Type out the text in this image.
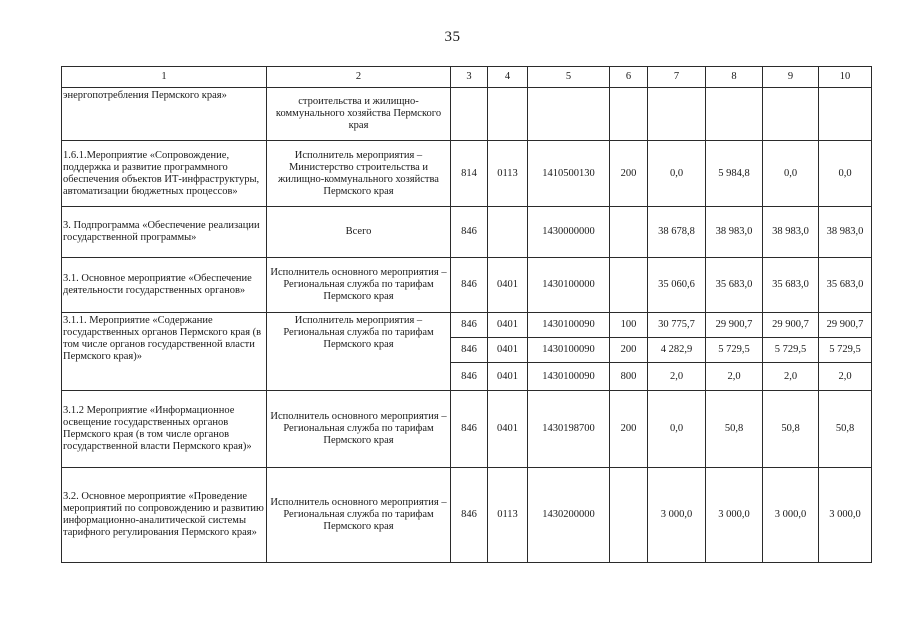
35
1	2	3	4	5	6	7	8	9	10
энергопотребления Пермского края»	строительства и жилищно-коммунального хозяйства Пермского края								
1.6.1.Мероприятие «Сопровождение, поддержка и развитие программного обеспечения объектов ИТ-инфраструктуры, автоматизации бюджетных процессов»	Исполнитель мероприятия – Министерство строительства и жилищно-коммунального хозяйства Пермского края	814	0113	1410500130	200	0,0	5 984,8	0,0	0,0
3. Подпрограмма «Обеспечение реализации государственной программы»	Всего	846		1430000000		38 678,8	38 983,0	38 983,0	38 983,0
3.1. Основное мероприятие «Обеспечение деятельности государственных органов»	Исполнитель основного мероприятия – Региональная служба по тарифам Пермского края	846	0401	1430100000		35 060,6	35 683,0	35 683,0	35 683,0
3.1.1. Мероприятие «Содержание государственных органов Пермского края (в том числе органов государственной власти Пермского края)»	Исполнитель мероприятия – Региональная служба по тарифам Пермского края	846	0401	1430100090	100	30 775,7	29 900,7	29 900,7	29 900,7
		846	0401	1430100090	200	4 282,9	5 729,5	5 729,5	5 729,5
		846	0401	1430100090	800	2,0	2,0	2,0	2,0
3.1.2 Мероприятие «Информационное освещение государственных органов Пермского края (в том числе органов государственной власти Пермского края)»	Исполнитель основного мероприятия – Региональная служба по тарифам Пермского края	846	0401	1430198700	200	0,0	50,8	50,8	50,8
3.2. Основное мероприятие «Проведение мероприятий по сопровождению и развитию информационно-аналитической системы тарифного регулирования Пермского края»	Исполнитель основного мероприятия – Региональная служба по тарифам Пермского края	846	0113	1430200000		3 000,0	3 000,0	3 000,0	3 000,0
